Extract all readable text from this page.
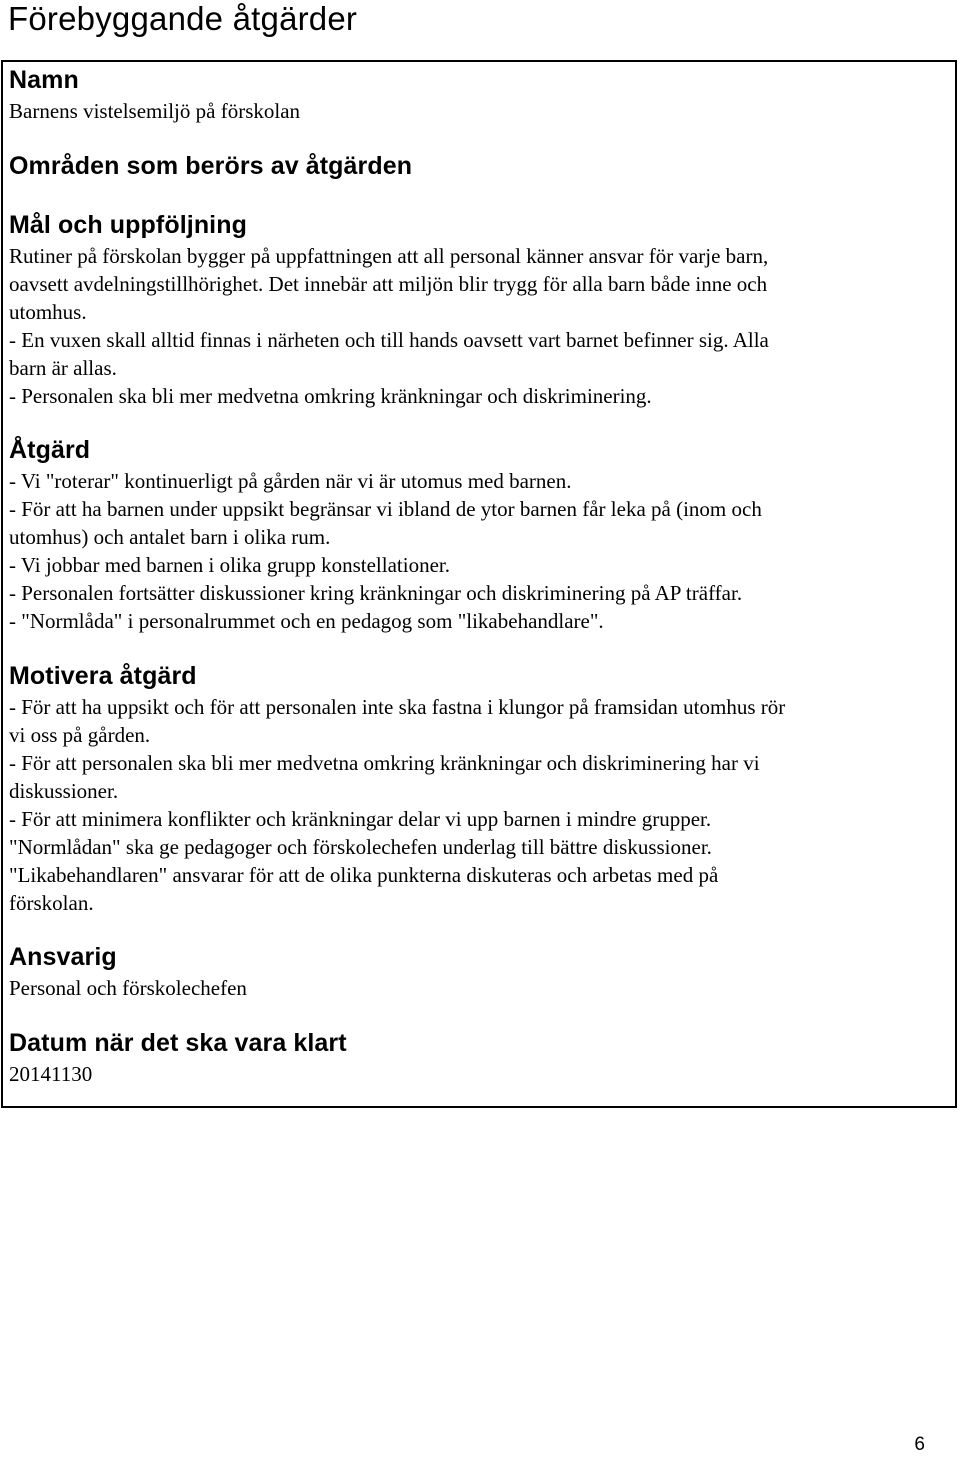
Förebyggande åtgärder
Namn

Barnens vistelsemiljö på förskolan

Områden som berörs av åtgärden
Mål och uppföljning

Rutiner på förskolan bygger på uppfattningen att all personal känner ansvar för varje barn,
oavsett avdelningstillhörighet. Det innebär att miljön blir trygg för alla barn både inne och
utomhus.
- En vuxen skall alltid finnas i närheten och till hands oavsett vart barnet befinner sig. Alla
barn är allas.
- Personalen ska bli mer medvetna omkring kränkningar och diskriminering.

Åtgärd

- Vi "roterar" kontinuerligt på gården när vi är utomus med barnen.
- För att ha barnen under uppsikt begränsar vi ibland de ytor barnen får leka på (inom och
utomhus) och antalet barn i olika rum.
- Vi jobbar med barnen i olika grupp konstellationer.
- Personalen fortsätter diskussioner kring kränkningar och diskriminering på AP träffar.
- "Normlåda" i personalrummet och en pedagog som "likabehandlare".

Motivera åtgärd

- För att ha uppsikt och för att personalen inte ska fastna i klungor på framsidan utomhus rör
vi oss på gården.
- För att personalen ska bli mer medvetna omkring kränkningar och diskriminering har vi
diskussioner.
- För att minimera konflikter och kränkningar delar vi upp barnen i mindre grupper.
"Normlådan" ska ge pedagoger och förskolechefen underlag till bättre diskussioner.
"Likabehandlaren" ansvarar för att de olika punkterna diskuteras och arbetas med på
förskolan.

Ansvarig

Personal och förskolechefen

Datum när det ska vara klart

20141130

6
